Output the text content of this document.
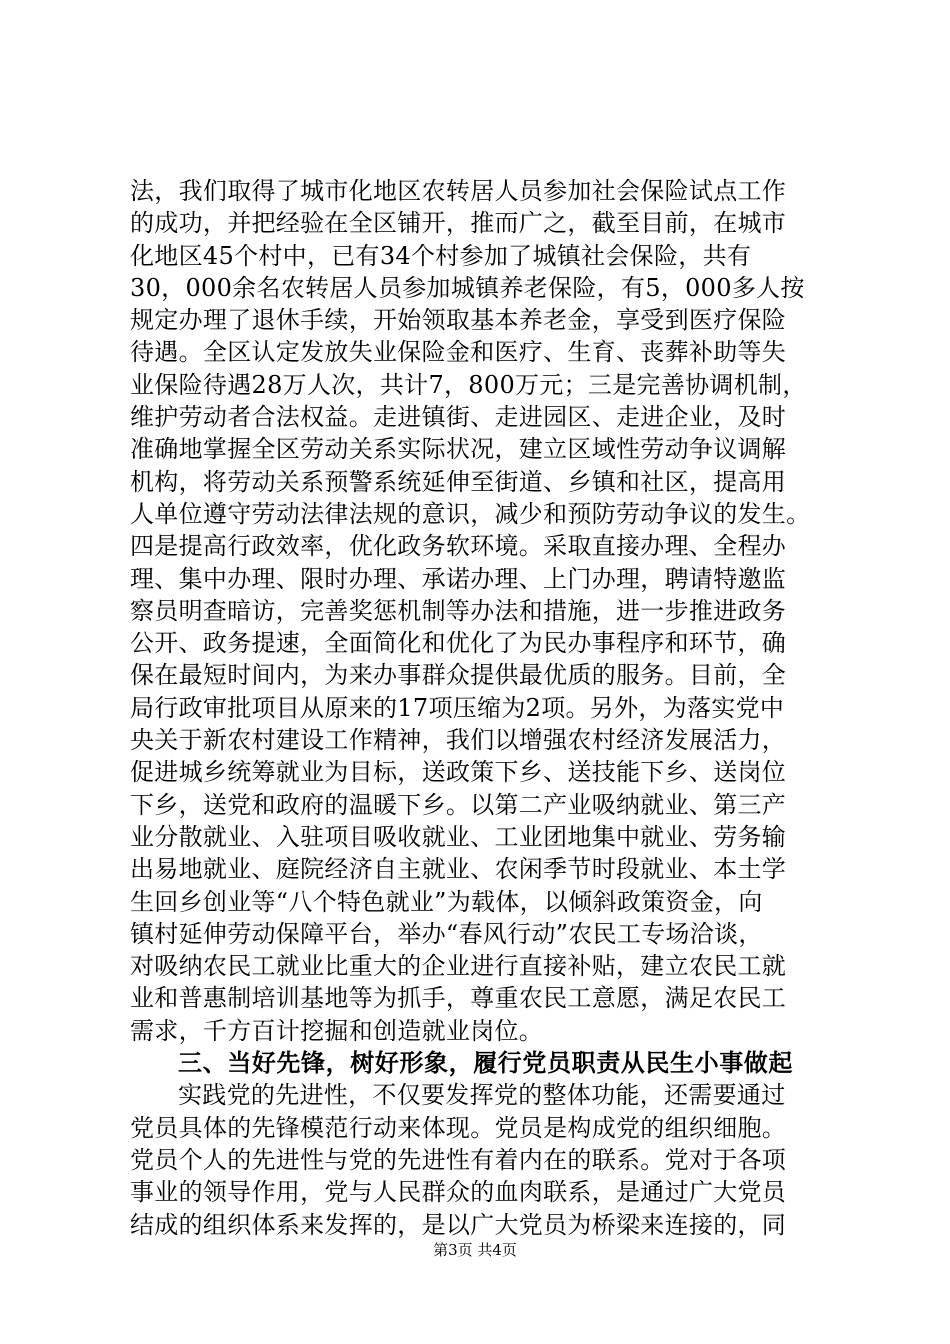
法，我们取得了城市化地区农转居人员参加社会保险试点工作
的成功，并把经验在全区铺开，推而广之，截至目前，在城市
化地区45个村中，已有34个村参加了城镇社会保险，共有
30，000余名农转居人员参加城镇养老保险，有5，000多人按
规定办理了退休手续，开始领取基本养老金，享受到医疗保险
待遇。全区认定发放失业保险金和医疗、生育、丧葬补助等失
业保险待遇28万人次，共计7，800万元；三是完善协调机制，
维护劳动者合法权益。走进镇街、走进园区、走进企业，及时
准确地掌握全区劳动关系实际状况，建立区域性劳动争议调解
机构，将劳动关系预警系统延伸至街道、乡镇和社区，提高用
人单位遵守劳动法律法规的意识，减少和预防劳动争议的发生。
四是提高行政效率，优化政务软环境。采取直接办理、全程办
理、集中办理、限时办理、承诺办理、上门办理，聘请特邀监
察员明查暗访，完善奖惩机制等办法和措施，进一步推进政务
公开、政务提速，全面简化和优化了为民办事程序和环节，确
保在最短时间内，为来办事群众提供最优质的服务。目前，全
局行政审批项目从原来的17项压缩为2项。另外，为落实党中
央关于新农村建设工作精神，我们以增强农村经济发展活力，
促进城乡统筹就业为目标，送政策下乡、送技能下乡、送岗位
下乡，送党和政府的温暖下乡。以第二产业吸纳就业、第三产
业分散就业、入驻项目吸收就业、工业团地集中就业、劳务输
出易地就业、庭院经济自主就业、农闲季节时段就业、本土学
生回乡创业等“八个特色就业”为载体，以倾斜政策资金，向
镇村延伸劳动保障平台，举办“春风行动”农民工专场洽谈，
对吸纳农民工就业比重大的企业进行直接补贴，建立农民工就
业和普惠制培训基地等为抓手，尊重农民工意愿，满足农民工
需求，千方百计挖掘和创造就业岗位。
三、当好先锋，树好形象，履行党员职责从民生小事做起
实践党的先进性，不仅要发挥党的整体功能，还需要通过
党员具体的先锋模范行动来体现。党员是构成党的组织细胞。
党员个人的先进性与党的先进性有着内在的联系。党对于各项
事业的领导作用，党与人民群众的血肉联系，是通过广大党员
结成的组织体系来发挥的，是以广大党员为桥梁来连接的，同
第3页 共4页
